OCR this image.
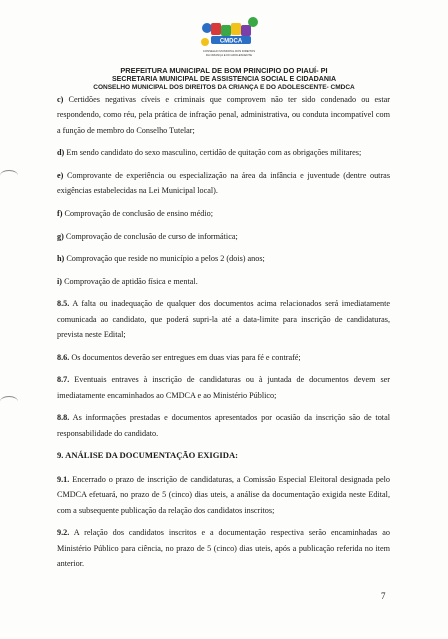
CMDCA
CONSELHO MUNICIPAL DOS DIREITOS
DA CRIANÇA E DO ADOLESCENTE
PREFEITURA MUNICIPAL DE BOM PRINCIPIO DO PIAUÍ- PI
SECRETARIA MUNICIPAL DE ASSISTENCIA SOCIAL E CIDADANIA
CONSELHO MUNICIPAL DOS DIREITOS DA CRIANÇA E DO ADOLESCENTE- CMDCA

c) Certidões negativas cíveis e criminais que comprovem não ter sido condenado ou estar respondendo, como réu, pela prática de infração penal, administrativa, ou conduta incompatível com a função de membro do Conselho Tutelar;

d) Em sendo candidato do sexo masculino, certidão de quitação com as obrigações militares;

e) Comprovante de experiência ou especialização na área da infância e juventude (dentre outras exigências estabelecidas na Lei Municipal local).

f) Comprovação de conclusão de ensino médio;

g) Comprovação de conclusão de curso de informática;

h) Comprovação que reside no município a pelos 2 (dois) anos;

i) Comprovação de aptidão física e mental.

8.5. A falta ou inadequação de qualquer dos documentos acima relacionados será imediatamente comunicada ao candidato, que poderá supri-la até a data-limite para inscrição de candidaturas, prevista neste Edital;

8.6. Os documentos deverão ser entregues em duas vias para fé e contrafé;

8.7. Eventuais entraves à inscrição de candidaturas ou à juntada de documentos devem ser imediatamente encaminhados ao CMDCA e ao Ministério Público;

8.8. As informações prestadas e documentos apresentados por ocasião da inscrição são de total responsabilidade do candidato.

9. ANÁLISE DA DOCUMENTAÇÃO EXIGIDA:

9.1. Encerrado o prazo de inscrição de candidaturas, a Comissão Especial Eleitoral designada pelo CMDCA efetuará, no prazo de 5 (cinco) dias uteis, a análise da documentação exigida neste Edital, com a subsequente publicação da relação dos candidatos inscritos;

9.2. A relação dos candidatos inscritos e a documentação respectiva serão encaminhadas ao Ministério Público para ciência, no prazo de 5 (cinco) dias uteis, após a publicação referida no item anterior.

7
